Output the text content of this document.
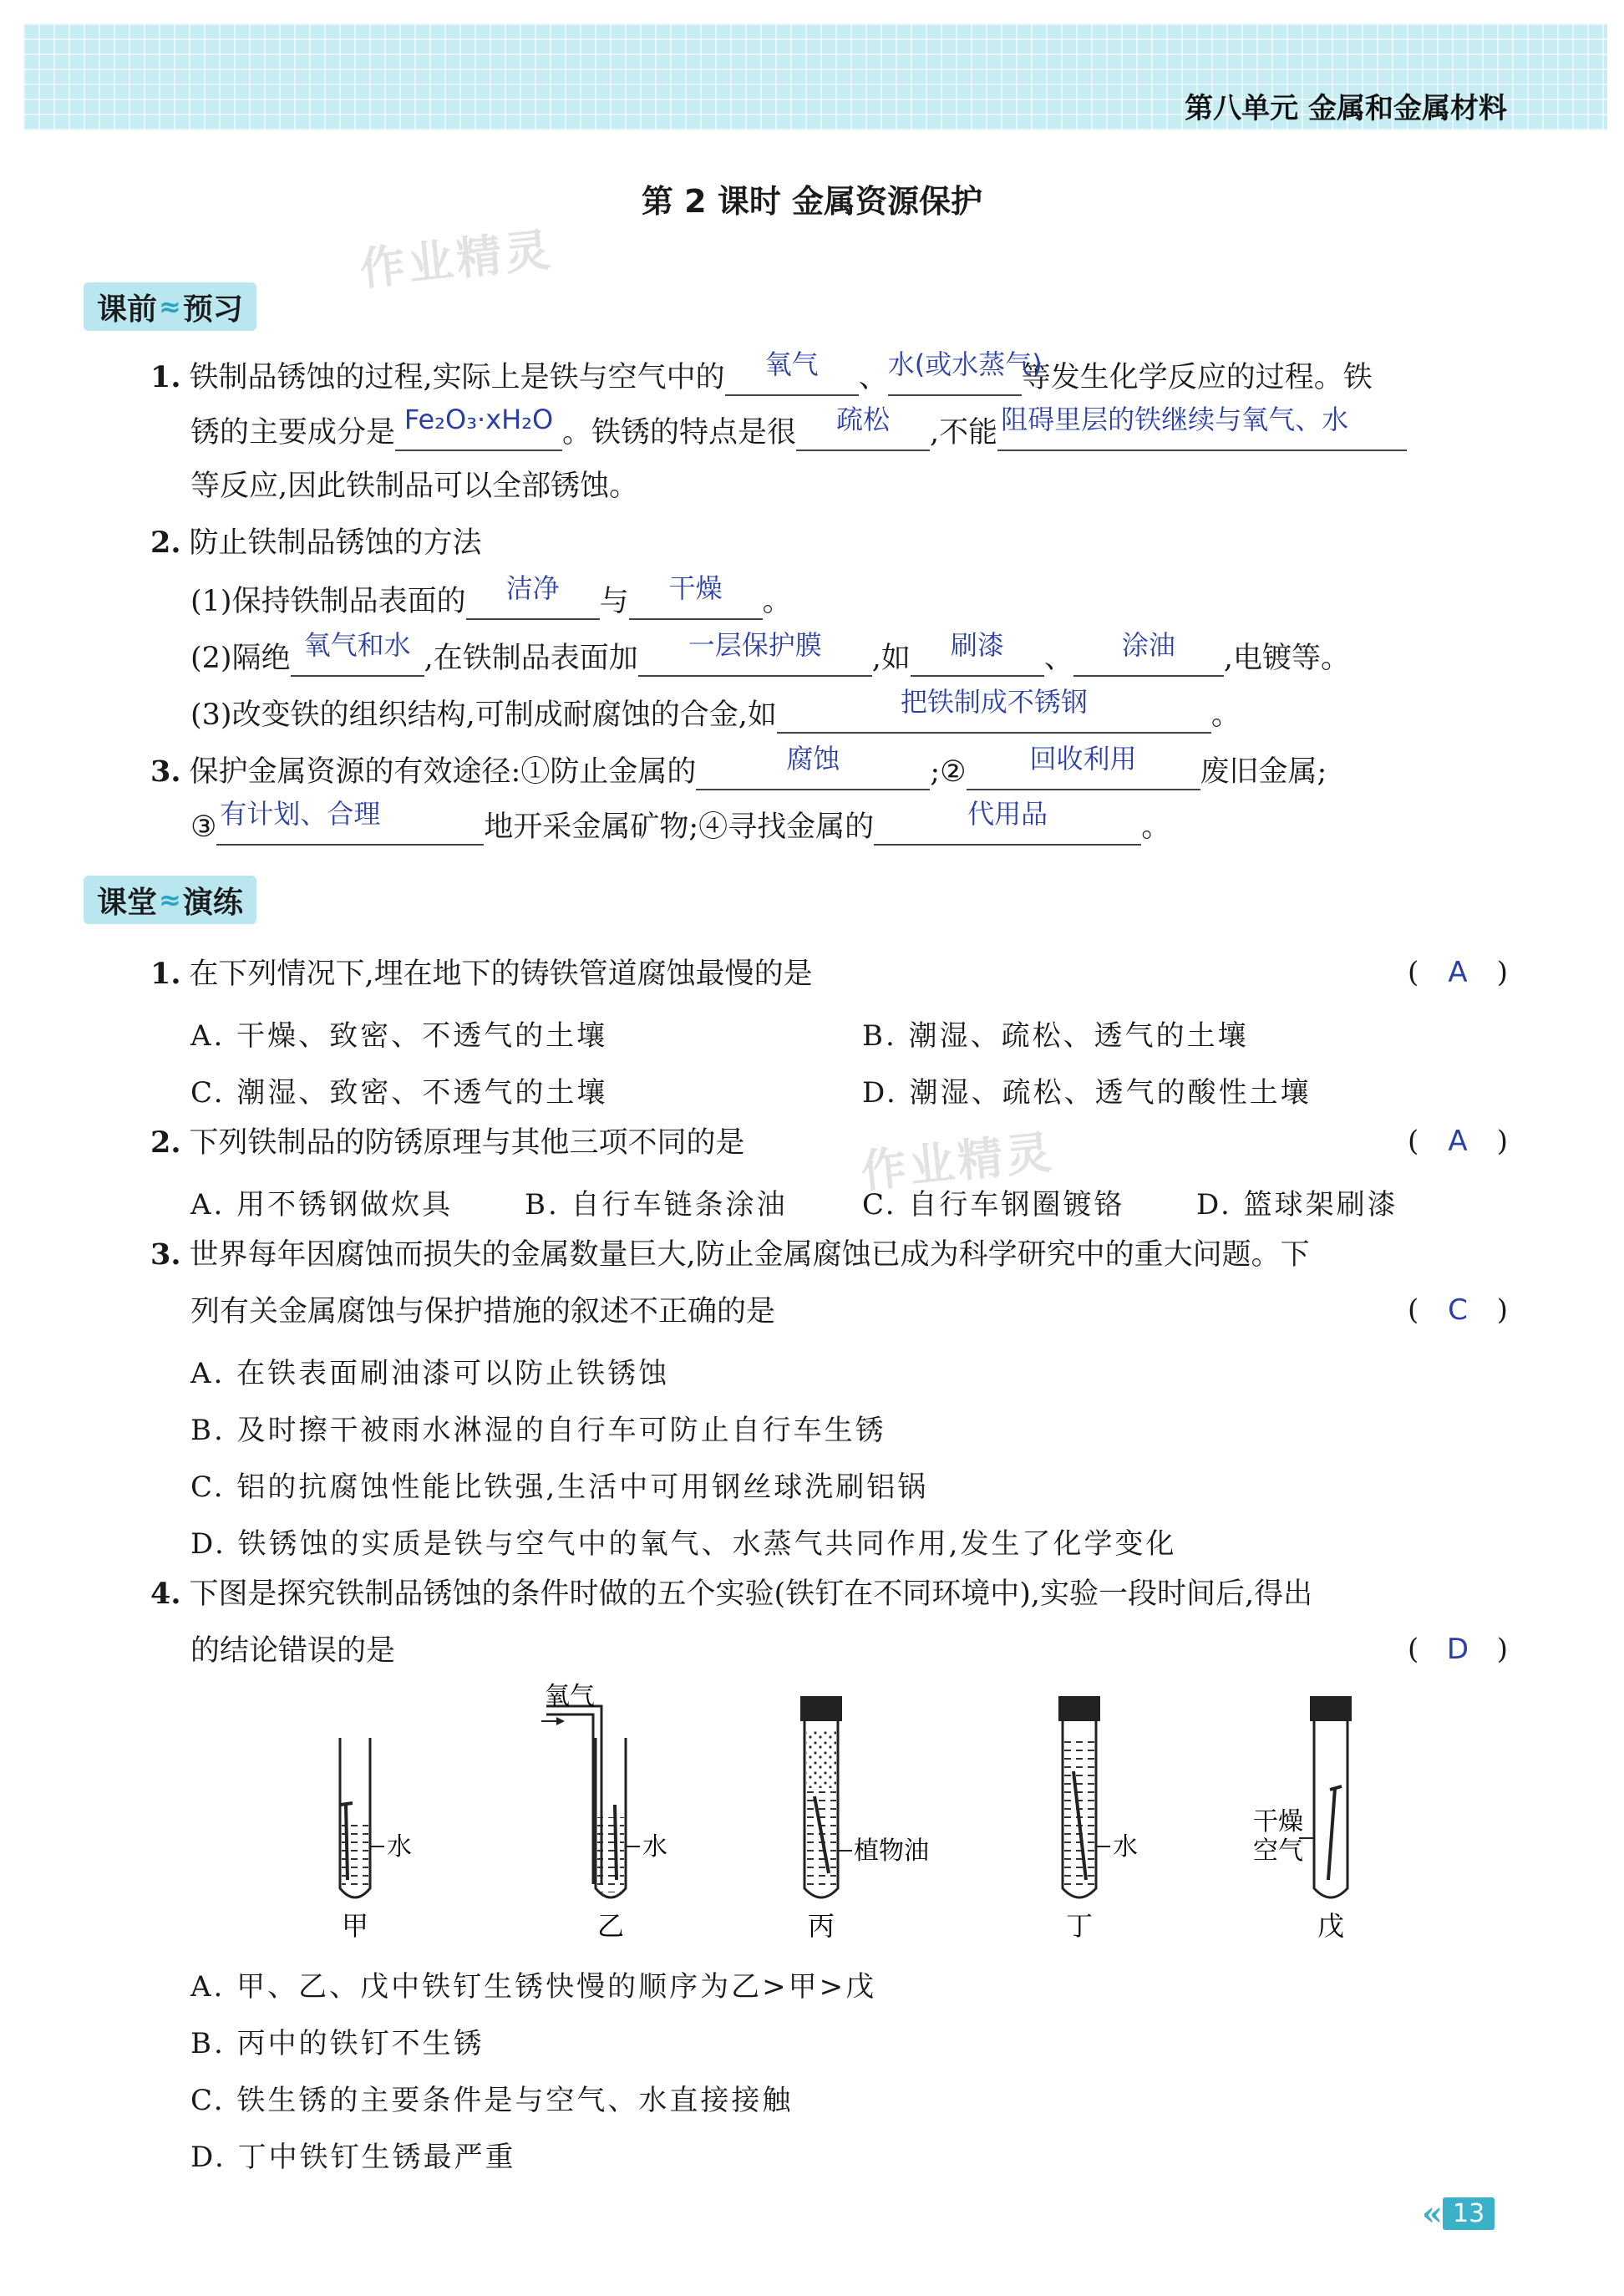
第八单元 金属和金属材料
第 2 课时 金属资源保护
作业精灵
作业精灵
课前 ≈ 预习
1. 铁制品锈蚀的过程,实际上是铁与空气中的	氧气	、 水(或水蒸气)
等发生化学反应的过程。铁
锈的主要成分是 Fe₂O₃·xH₂O 。铁锈的特点是很	疏松	,不能 阻碍里层的铁继续与氧气、水
等反应,因此铁制品可以全部锈蚀。
2. 防止铁制品锈蚀的方法
(1)保持铁制品表面的	洁净	与	干燥	。
(2)隔绝 氧气和水 ,在铁制品表面加	一层保护膜	,如	刷漆	、	涂油	,电镀等。
(3)改变铁的组织结构,可制成耐腐蚀的合金,如	把铁制成不锈钢	。
3. 保护金属资源的有效途径:①防止金属的	腐蚀	;②	回收利用	废旧金属;
③ 有计划、合理	地开采金属矿物;④寻找金属的	代用品	。
课堂 ≈ 演练
1. 在下列情况下,埋在地下的铸铁管道腐蚀最慢的是	( A )
A. 干燥、致密、不透气的土壤	B. 潮湿、疏松、透气的土壤
C. 潮湿、致密、不透气的土壤	D. 潮湿、疏松、透气的酸性土壤
2. 下列铁制品的防锈原理与其他三项不同的是	( A )
A. 用不锈钢做炊具	B. 自行车链条涂油	C. 自行车钢圈镀铬	D. 篮球架刷漆
3. 世界每年因腐蚀而损失的金属数量巨大,防止金属腐蚀已成为科学研究中的重大问题。下
列有关金属腐蚀与保护措施的叙述不正确的是	( C )
A. 在铁表面刷油漆可以防止铁锈蚀
B. 及时擦干被雨水淋湿的自行车可防止自行车生锈
C. 铝的抗腐蚀性能比铁强,生活中可用钢丝球洗刷铝锅
D. 铁锈蚀的实质是铁与空气中的氧气、水蒸气共同作用,发生了化学变化
4. 下图是探究铁制品锈蚀的条件时做的五个实验(铁钉在不同环境中),实验一段时间后,得出
的结论错误的是	( D )
水
氧气
水	植物油	水
干燥
空气
甲	乙	丙	丁	戊
A. 甲、乙、戊中铁钉生锈快慢的顺序为乙>甲>戊
B. 丙中的铁钉不生锈
C. 铁生锈的主要条件是与空气、水直接接触
D. 丁中铁钉生锈最严重
« 13
